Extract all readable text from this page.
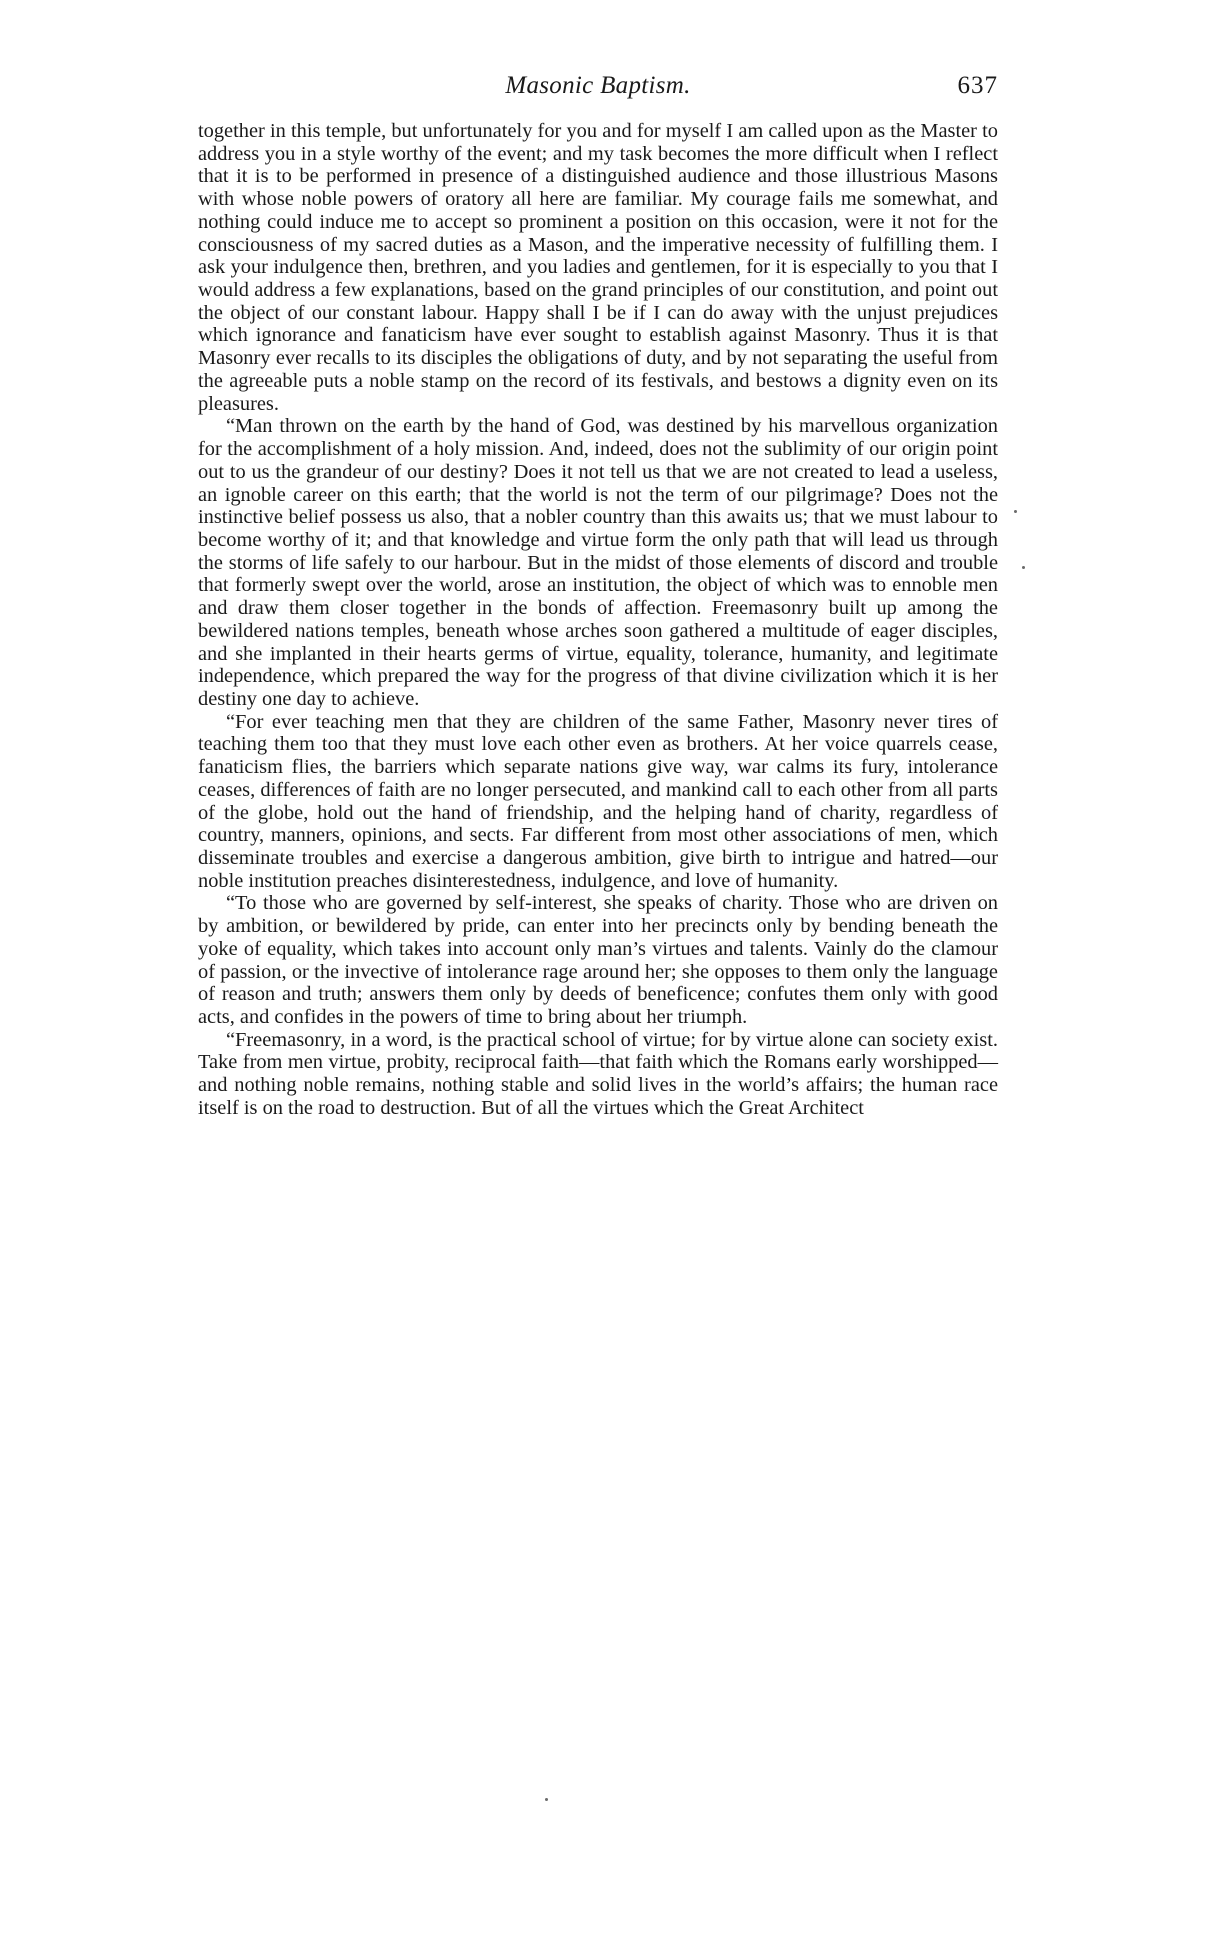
Masonic Baptism.	637

together in this temple, but unfortunately for you and for myself I am called upon as the Master to address you in a style worthy of the event; and my task becomes the more difficult when I reflect that it is to be performed in presence of a distinguished audience and those illustrious Masons with whose noble powers of oratory all here are familiar. My courage fails me somewhat, and nothing could induce me to accept so prominent a position on this occasion, were it not for the consciousness of my sacred duties as a Mason, and the imperative necessity of fulfilling them. I ask your indulgence then, brethren, and you ladies and gentlemen, for it is especially to you that I would address a few explanations, based on the grand principles of our constitution, and point out the object of our constant labour. Happy shall I be if I can do away with the unjust prejudices which ignorance and fanaticism have ever sought to establish against Masonry. Thus it is that Masonry ever recalls to its disciples the obligations of duty, and by not separating the useful from the agreeable puts a noble stamp on the record of its festivals, and bestows a dignity even on its pleasures.

“Man thrown on the earth by the hand of God, was destined by his marvellous organization for the accomplishment of a holy mission. And, indeed, does not the sublimity of our origin point out to us the grandeur of our destiny? Does it not tell us that we are not created to lead a useless, an ignoble career on this earth; that the world is not the term of our pilgrimage? Does not the instinctive belief possess us also, that a nobler country than this awaits us; that we must labour to become worthy of it; and that knowledge and virtue form the only path that will lead us through the storms of life safely to our harbour. But in the midst of those elements of discord and trouble that formerly swept over the world, arose an institution, the object of which was to ennoble men and draw them closer together in the bonds of affection. Freemasonry built up among the bewildered nations temples, beneath whose arches soon gathered a multitude of eager disciples, and she implanted in their hearts germs of virtue, equality, tolerance, humanity, and legitimate independence, which prepared the way for the progress of that divine civilization which it is her destiny one day to achieve.

“For ever teaching men that they are children of the same Father, Masonry never tires of teaching them too that they must love each other even as brothers. At her voice quarrels cease, fanaticism flies, the barriers which separate nations give way, war calms its fury, intolerance ceases, differences of faith are no longer persecuted, and mankind call to each other from all parts of the globe, hold out the hand of friendship, and the helping hand of charity, regardless of country, manners, opinions, and sects. Far different from most other associations of men, which disseminate troubles and exercise a dangerous ambition, give birth to intrigue and hatred—our noble institution preaches disinterestedness, indulgence, and love of humanity.

“To those who are governed by self-interest, she speaks of charity. Those who are driven on by ambition, or bewildered by pride, can enter into her precincts only by bending beneath the yoke of equality, which takes into account only man’s virtues and talents. Vainly do the clamour of passion, or the invective of intolerance rage around her; she opposes to them only the language of reason and truth; answers them only by deeds of beneficence; confutes them only with good acts, and confides in the powers of time to bring about her triumph.

“Freemasonry, in a word, is the practical school of virtue; for by virtue alone can society exist. Take from men virtue, probity, reciprocal faith—that faith which the Romans early worshipped—and nothing noble remains, nothing stable and solid lives in the world’s affairs; the human race itself is on the road to destruction. But of all the virtues which the Great Architect
